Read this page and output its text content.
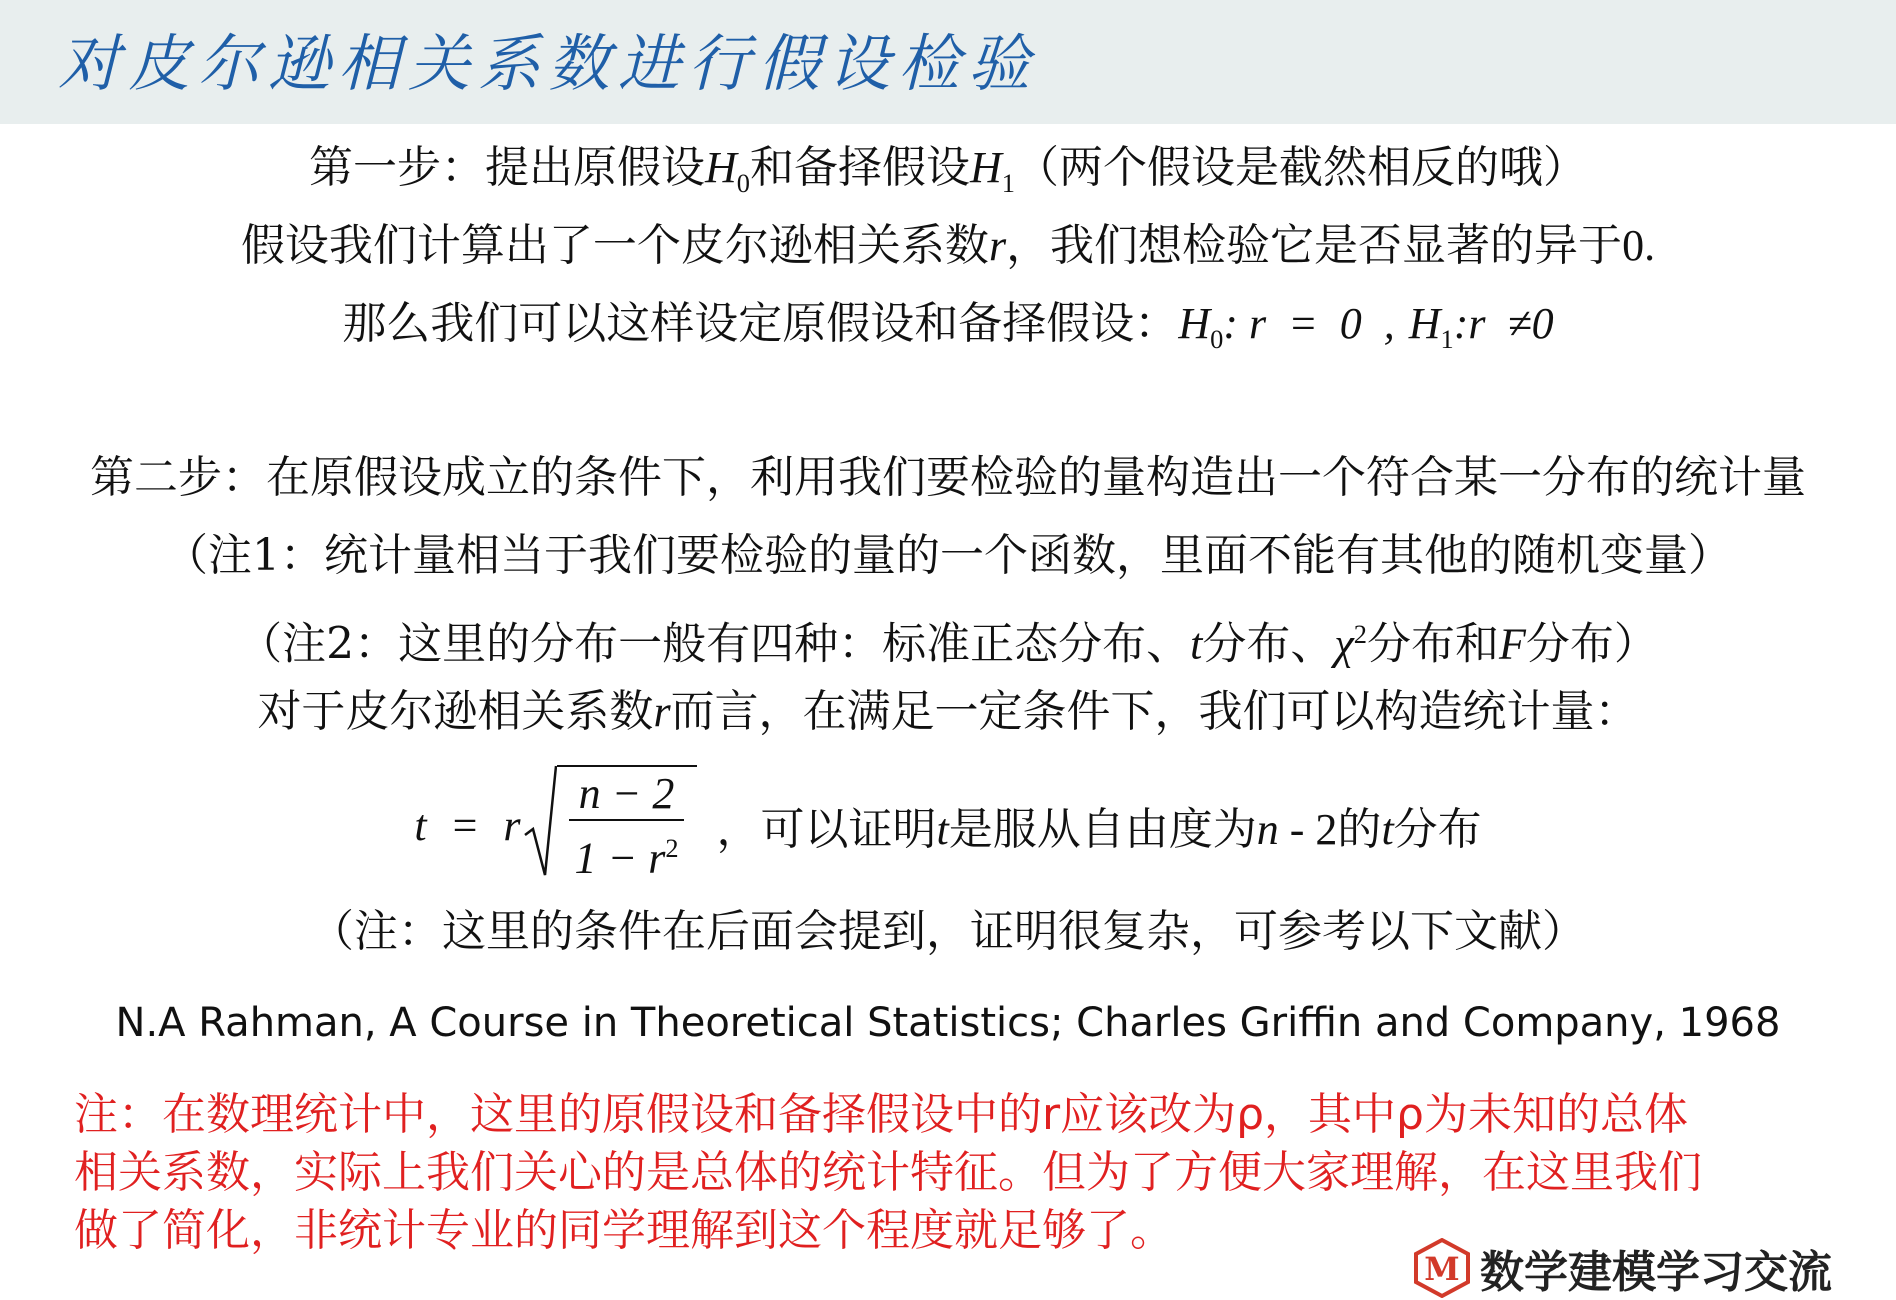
对皮尔逊相关系数进行假设检验
第一步：提出原假设$H_0$和备择假设$H_1$（两个假设是截然相反的哦）
假设我们计算出了一个皮尔逊相关系数r，我们想检验它是否显著的异于0.
那么我们可以这样设定原假设和备择假设：$H_0$: r  =  0  , $H_1:r \ne 0$
第二步：在原假设成立的条件下，利用我们要检验的量构造出一个符合某一分布的统计量
（注1：统计量相当于我们要检验的量的一个函数，里面不能有其他的随机变量）
（注2：这里的分布一般有四种：标准正态分布、t分布、$\chi^2$分布和F分布）
对于皮尔逊相关系数r而言，在满足一定条件下，我们可以构造统计量：
t = r $\frac{n - 2}{1 - r^2}$ ，可以证明t是服从自由度为n - 2的t分布
（注：这里的条件在后面会提到，证明很复杂，可参考以下文献）
N.A Rahman, A Course in Theoretical Statistics; Charles Griffin and Company, 1968

注：在数理统计中，这里的原假设和备择假设中的r应该改为ρ，其中ρ为未知的总体

相关系数，实际上我们关心的是总体的统计特征。但为了方便大家理解，在这里我们

做了简化，非统计专业的同学理解到这个程度就足够了。

M 数学建模学习交流
